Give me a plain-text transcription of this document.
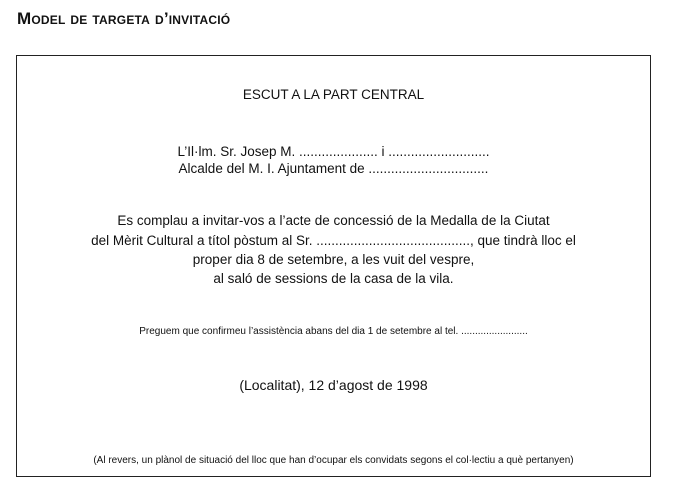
Model de targeta d’invitació
ESCUT A LA PART CENTRAL
L’Il·lm. Sr. Josep M. ..................... i ...........................
Alcalde del M. I. Ajuntament de ................................
Es complau a invitar-vos a l’acte de concessió de la Medalla de la Ciutat
del Mèrit Cultural a títol pòstum al Sr. ........................................., que tindrà lloc el
proper dia 8 de setembre, a les vuit del vespre,
al saló de sessions de la casa de la vila.
Preguem que confirmeu l’assistència abans del dia 1 de setembre al tel. ........................
(Localitat), 12 d’agost de 1998
(Al revers, un plànol de situació del lloc que han d’ocupar els convidats segons el col·lectiu a què pertanyen)
